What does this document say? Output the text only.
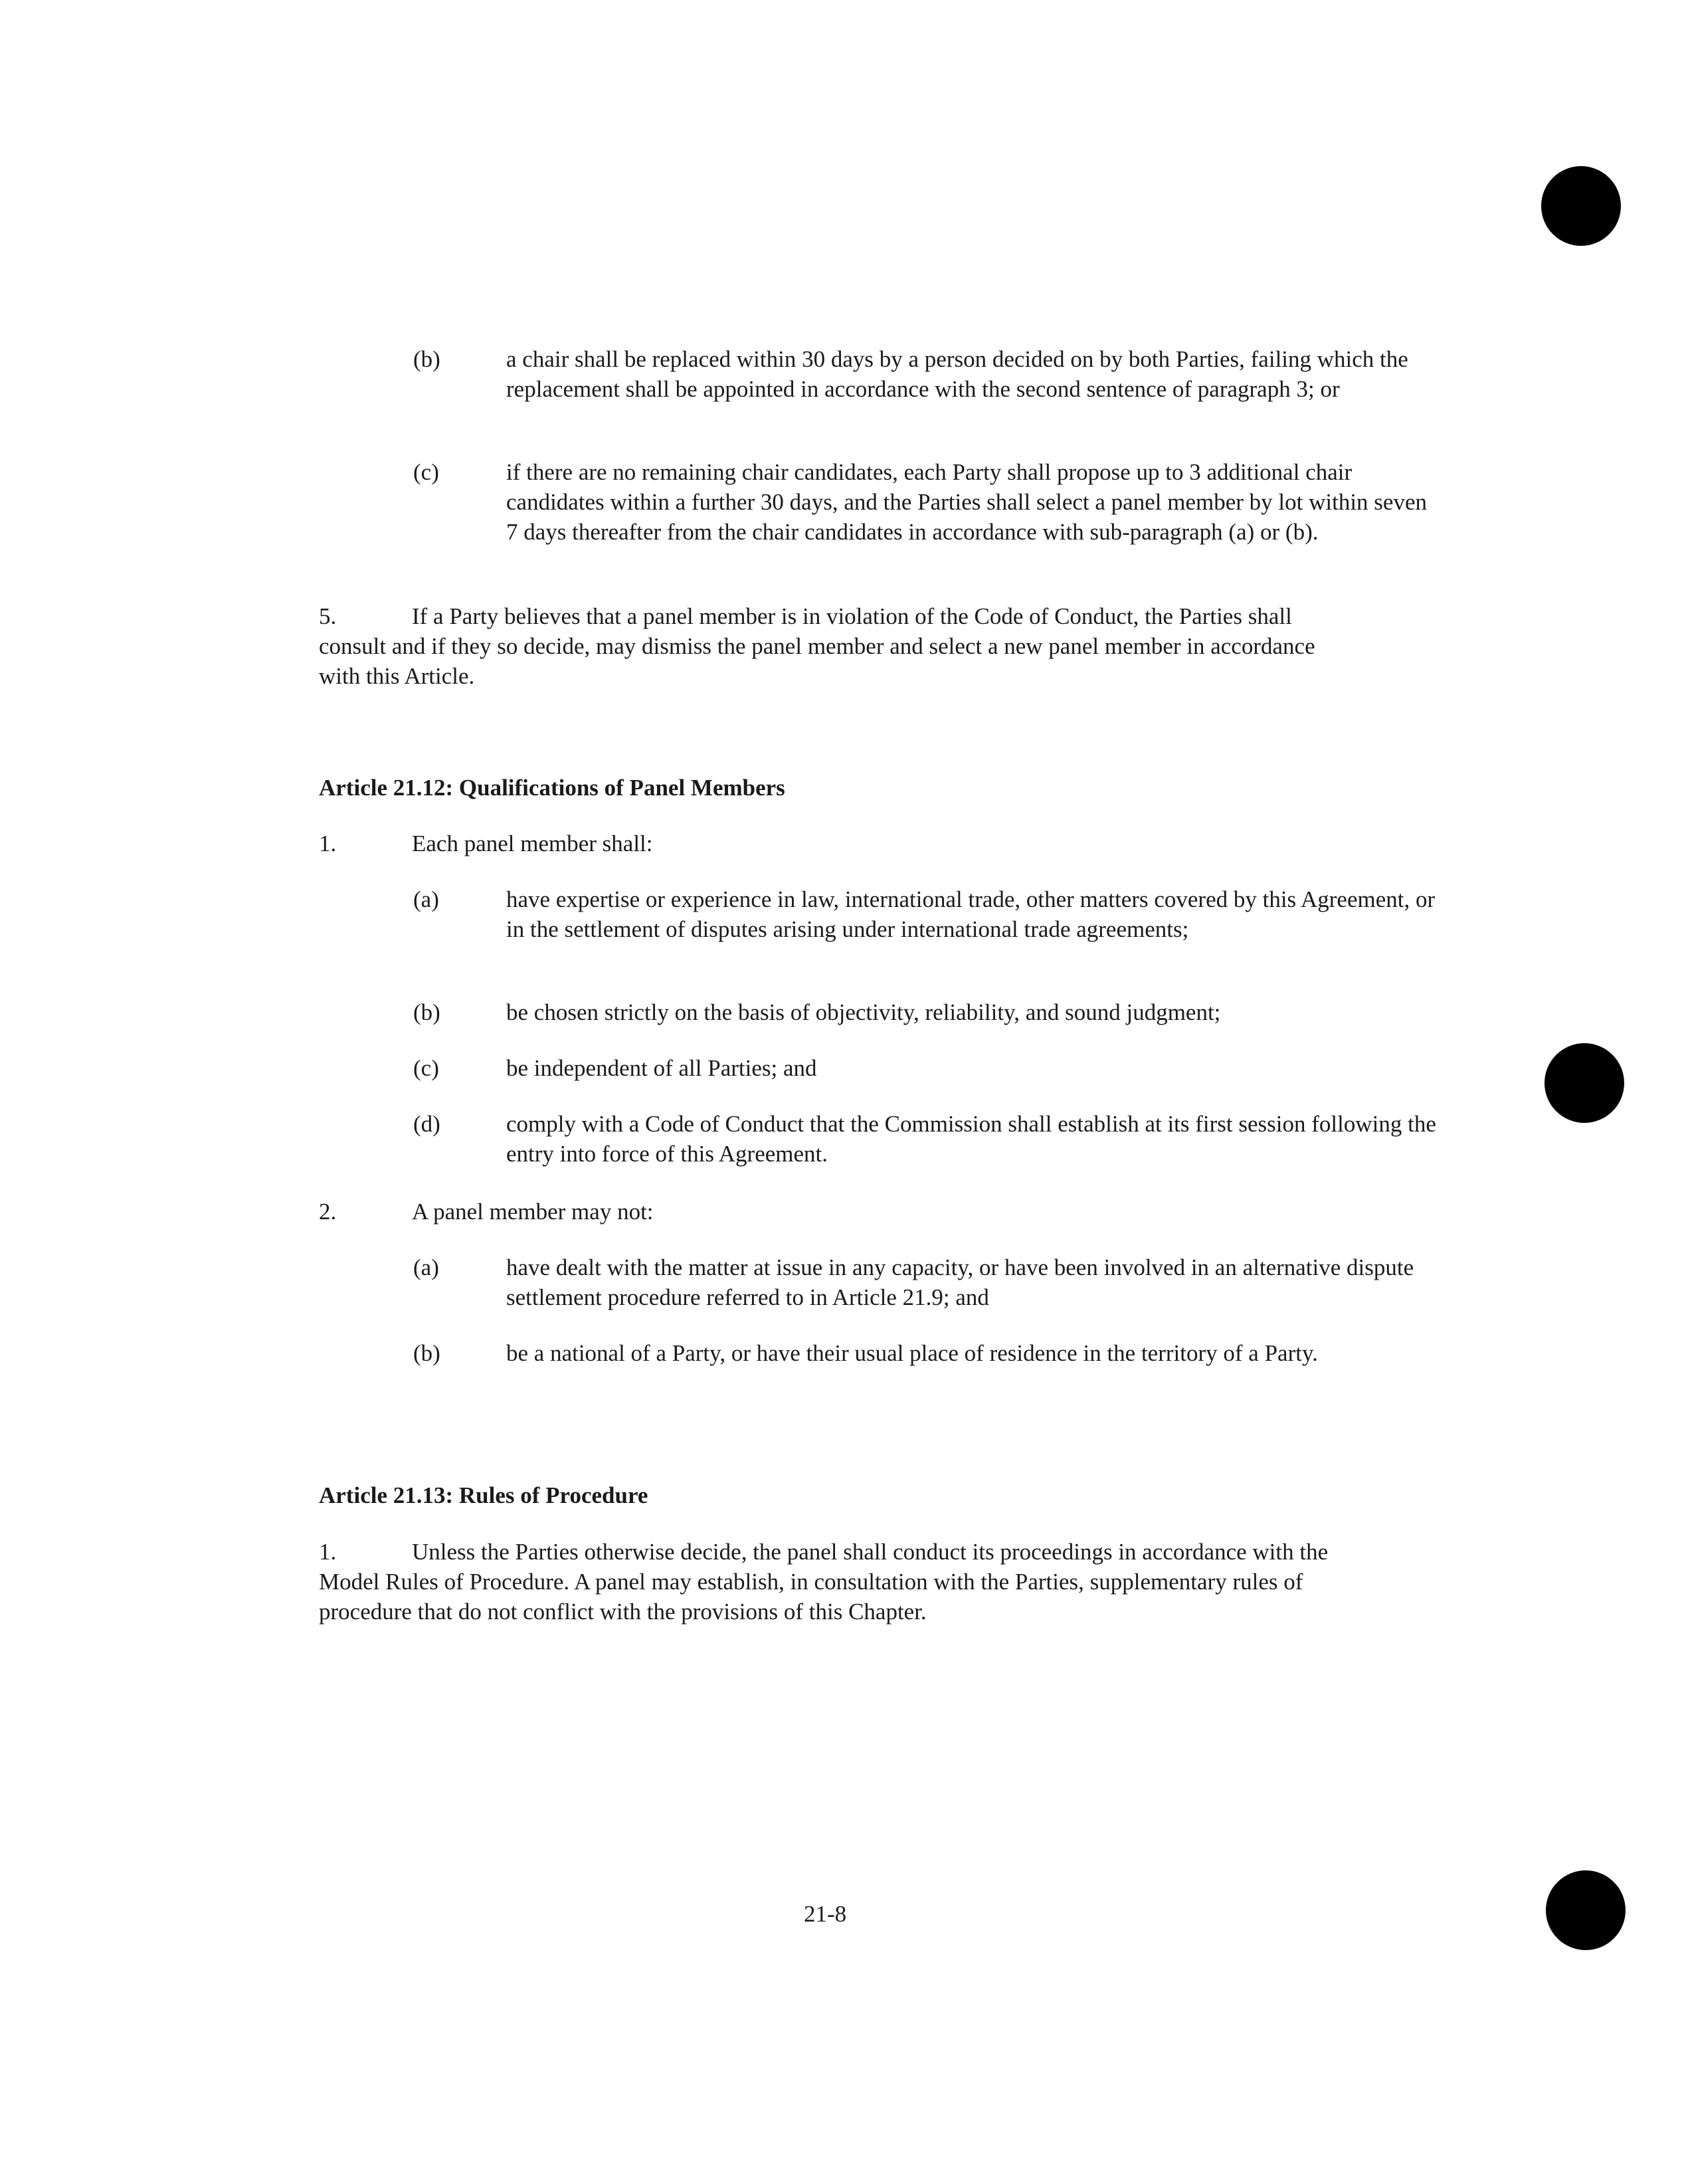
(b)	a chair shall be replaced within 30 days by a person decided on by both Parties, failing which the replacement shall be appointed in accordance with the second sentence of paragraph 3; or
(c)	if there are no remaining chair candidates, each Party shall propose up to 3 additional chair candidates within a further 30 days, and the Parties shall select a panel member by lot within seven 7 days thereafter from the chair candidates in accordance with sub-paragraph (a) or (b).
5.	If a Party believes that a panel member is in violation of the Code of Conduct, the Parties shall consult and if they so decide, may dismiss the panel member and select a new panel member in accordance with this Article.
Article 21.12: Qualifications of Panel Members
1.	Each panel member shall:
(a)	have expertise or experience in law, international trade, other matters covered by this Agreement, or in the settlement of disputes arising under international trade agreements;
(b)	be chosen strictly on the basis of objectivity, reliability, and sound judgment;
(c)	be independent of all Parties; and
(d)	comply with a Code of Conduct that the Commission shall establish at its first session following the entry into force of this Agreement.
2.	A panel member may not:
(a)	have dealt with the matter at issue in any capacity, or have been involved in an alternative dispute settlement procedure referred to in Article 21.9; and
(b)	be a national of a Party, or have their usual place of residence in the territory of a Party.
Article 21.13: Rules of Procedure
1.	Unless the Parties otherwise decide, the panel shall conduct its proceedings in accordance with the Model Rules of Procedure. A panel may establish, in consultation with the Parties, supplementary rules of procedure that do not conflict with the provisions of this Chapter.
21-8
